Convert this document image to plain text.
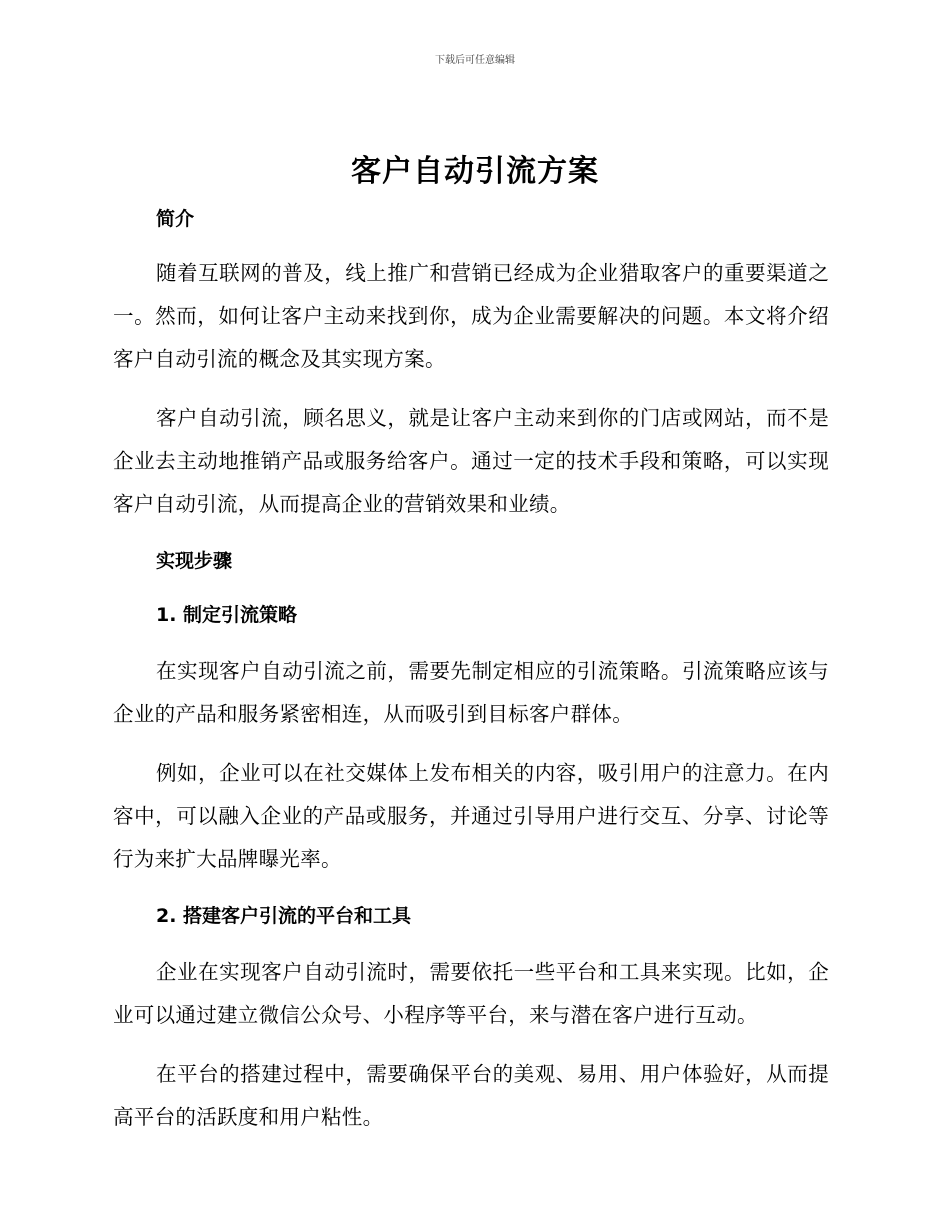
下载后可任意编辑
客户自动引流方案
简介

随着互联网的普及，线上推广和营销已经成为企业猎取客户的重要渠道之一。然而，如何让客户主动来找到你，成为企业需要解决的问题。本文将介绍客户自动引流的概念及其实现方案。

客户自动引流，顾名思义，就是让客户主动来到你的门店或网站，而不是企业去主动地推销产品或服务给客户。通过一定的技术手段和策略，可以实现客户自动引流，从而提高企业的营销效果和业绩。

实现步骤
1. 制定引流策略

在实现客户自动引流之前，需要先制定相应的引流策略。引流策略应该与企业的产品和服务紧密相连，从而吸引到目标客户群体。

例如，企业可以在社交媒体上发布相关的内容，吸引用户的注意力。在内容中，可以融入企业的产品或服务，并通过引导用户进行交互、分享、讨论等行为来扩大品牌曝光率。

2. 搭建客户引流的平台和工具

企业在实现客户自动引流时，需要依托一些平台和工具来实现。比如，企业可以通过建立微信公众号、小程序等平台，来与潜在客户进行互动。

在平台的搭建过程中，需要确保平台的美观、易用、用户体验好，从而提高平台的活跃度和用户粘性。
